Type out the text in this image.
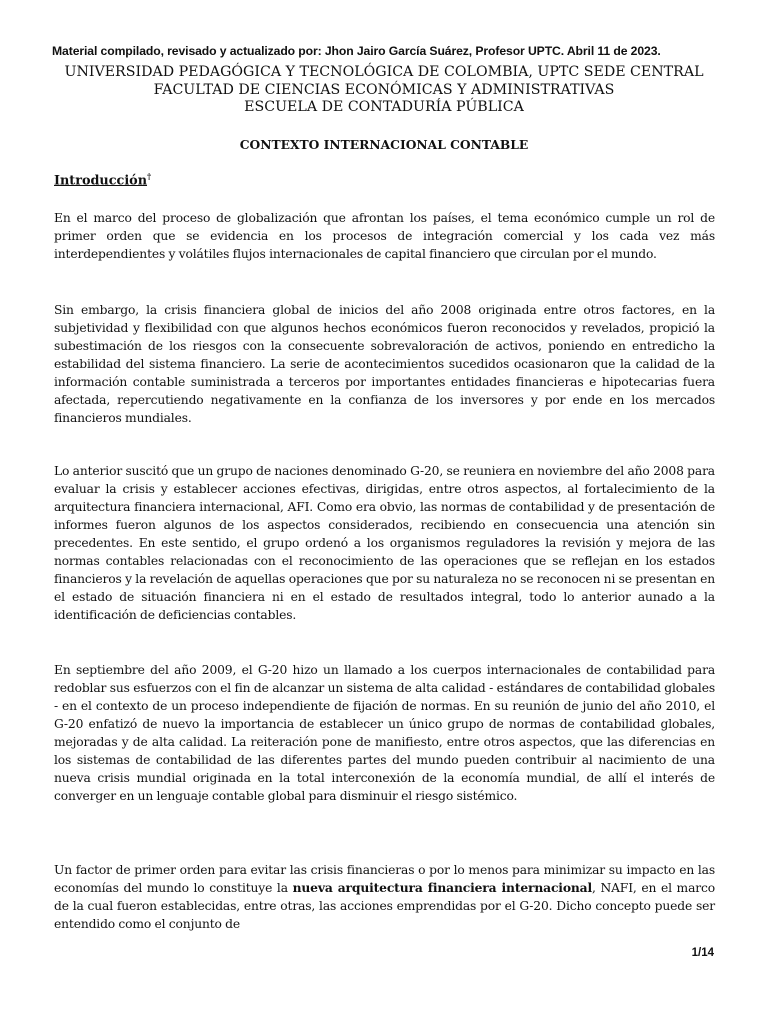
Material compilado, revisado y actualizado por: Jhon Jairo García Suárez, Profesor UPTC. Abril 11 de 2023.
UNIVERSIDAD PEDAGÓGICA Y TECNOLÓGICA DE COLOMBIA, UPTC SEDE CENTRAL
FACULTAD DE CIENCIAS ECONÓMICAS Y ADMINISTRATIVAS
ESCUELA DE CONTADURÍA PÚBLICA
CONTEXTO INTERNACIONAL CONTABLE
Introducción†

En el marco del proceso de globalización que afrontan los países, el tema económico cumple un rol de primer orden que se evidencia en los procesos de integración comercial y los cada vez más interdependientes y volátiles flujos internacionales de capital financiero que circulan por el mundo.

Sin embargo, la crisis financiera global de inicios del año 2008 originada entre otros factores, en la subjetividad y flexibilidad con que algunos hechos económicos fueron reconocidos y revelados, propició la subestimación de los riesgos con la consecuente sobrevaloración de activos, poniendo en entredicho la estabilidad del sistema financiero. La serie de acontecimientos sucedidos ocasionaron que la calidad de la información contable suministrada a terceros por importantes entidades financieras e hipotecarias fuera afectada, repercutiendo negativamente en la confianza de los inversores y por ende en los mercados financieros mundiales.

Lo anterior suscitó que un grupo de naciones denominado G-20, se reuniera en noviembre del año 2008 para evaluar la crisis y establecer acciones efectivas, dirigidas, entre otros aspectos, al fortalecimiento de la arquitectura financiera internacional, AFI. Como era obvio, las normas de contabilidad y de presentación de informes fueron algunos de los aspectos considerados, recibiendo en consecuencia una atención sin precedentes. En este sentido, el grupo ordenó a los organismos reguladores la revisión y mejora de las normas contables relacionadas con el reconocimiento de las operaciones que se reflejan en los estados financieros y la revelación de aquellas operaciones que por su naturaleza no se reconocen ni se presentan en el estado de situación financiera ni en el estado de resultados integral, todo lo anterior aunado a la identificación de deficiencias contables.

En septiembre del año 2009, el G-20 hizo un llamado a los cuerpos internacionales de contabilidad para redoblar sus esfuerzos con el fin de alcanzar un sistema de alta calidad - estándares de contabilidad globales - en el contexto de un proceso independiente de fijación de normas. En su reunión de junio del año 2010, el G-20 enfatizó de nuevo la importancia de establecer un único grupo de normas de contabilidad globales, mejoradas y de alta calidad. La reiteración pone de manifiesto, entre otros aspectos, que las diferencias en los sistemas de contabilidad de las diferentes partes del mundo pueden contribuir al nacimiento de una nueva crisis mundial originada en la total interconexión de la economía mundial, de allí el interés de converger en un lenguaje contable global para disminuir el riesgo sistémico.

Un factor de primer orden para evitar las crisis financieras o por lo menos para minimizar su impacto en las economías del mundo lo constituye la nueva arquitectura financiera internacional, NAFI, en el marco de la cual fueron establecidas, entre otras, las acciones emprendidas por el G-20. Dicho concepto puede ser entendido como el conjunto de

1/14
